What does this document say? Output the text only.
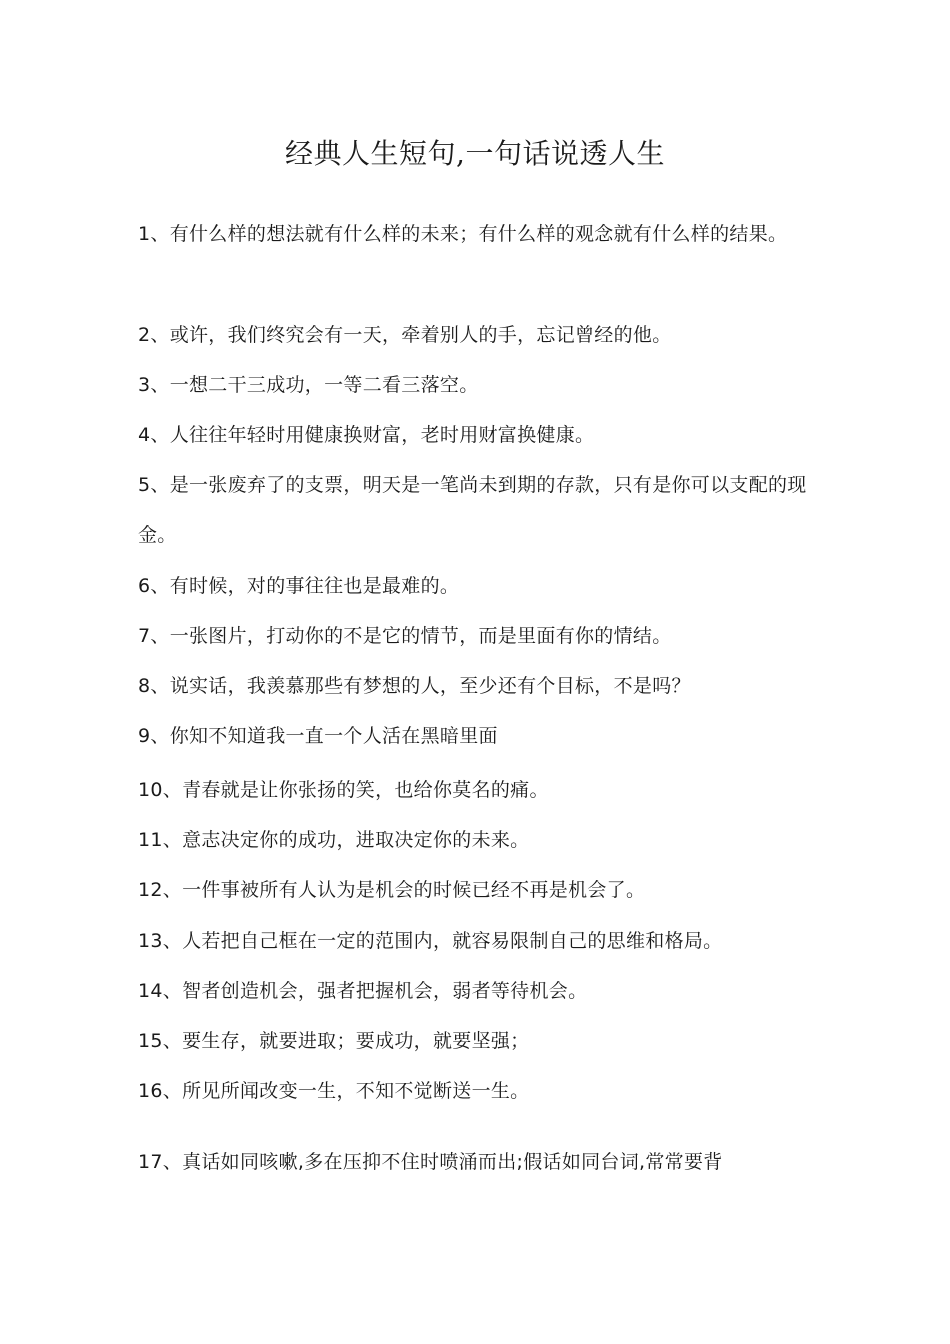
经典人生短句,一句话说透人生

1、有什么样的想法就有什么样的未来；有什么样的观念就有什么样的结果。

2、或许，我们终究会有一天，牵着别人的手，忘记曾经的他。

3、一想二干三成功，一等二看三落空。

4、人往往年轻时用健康换财富，老时用财富换健康。

5、是一张废弃了的支票，明天是一笔尚未到期的存款，只有是你可以支配的现金。

6、有时候，对的事往往也是最难的。

7、一张图片，打动你的不是它的情节，而是里面有你的情结。

8、说实话，我羡慕那些有梦想的人，至少还有个目标，不是吗？

9、你知不知道我一直一个人活在黑暗里面

10、青春就是让你张扬的笑，也给你莫名的痛。

11、意志决定你的成功，进取决定你的未来。

12、一件事被所有人认为是机会的时候已经不再是机会了。

13、人若把自己框在一定的范围内，就容易限制自己的思维和格局。

14、智者创造机会，强者把握机会，弱者等待机会。

15、要生存，就要进取；要成功，就要坚强；

16、所见所闻改变一生，不知不觉断送一生。

17、真话如同咳嗽,多在压抑不住时喷涌而出;假话如同台词,常常要背
